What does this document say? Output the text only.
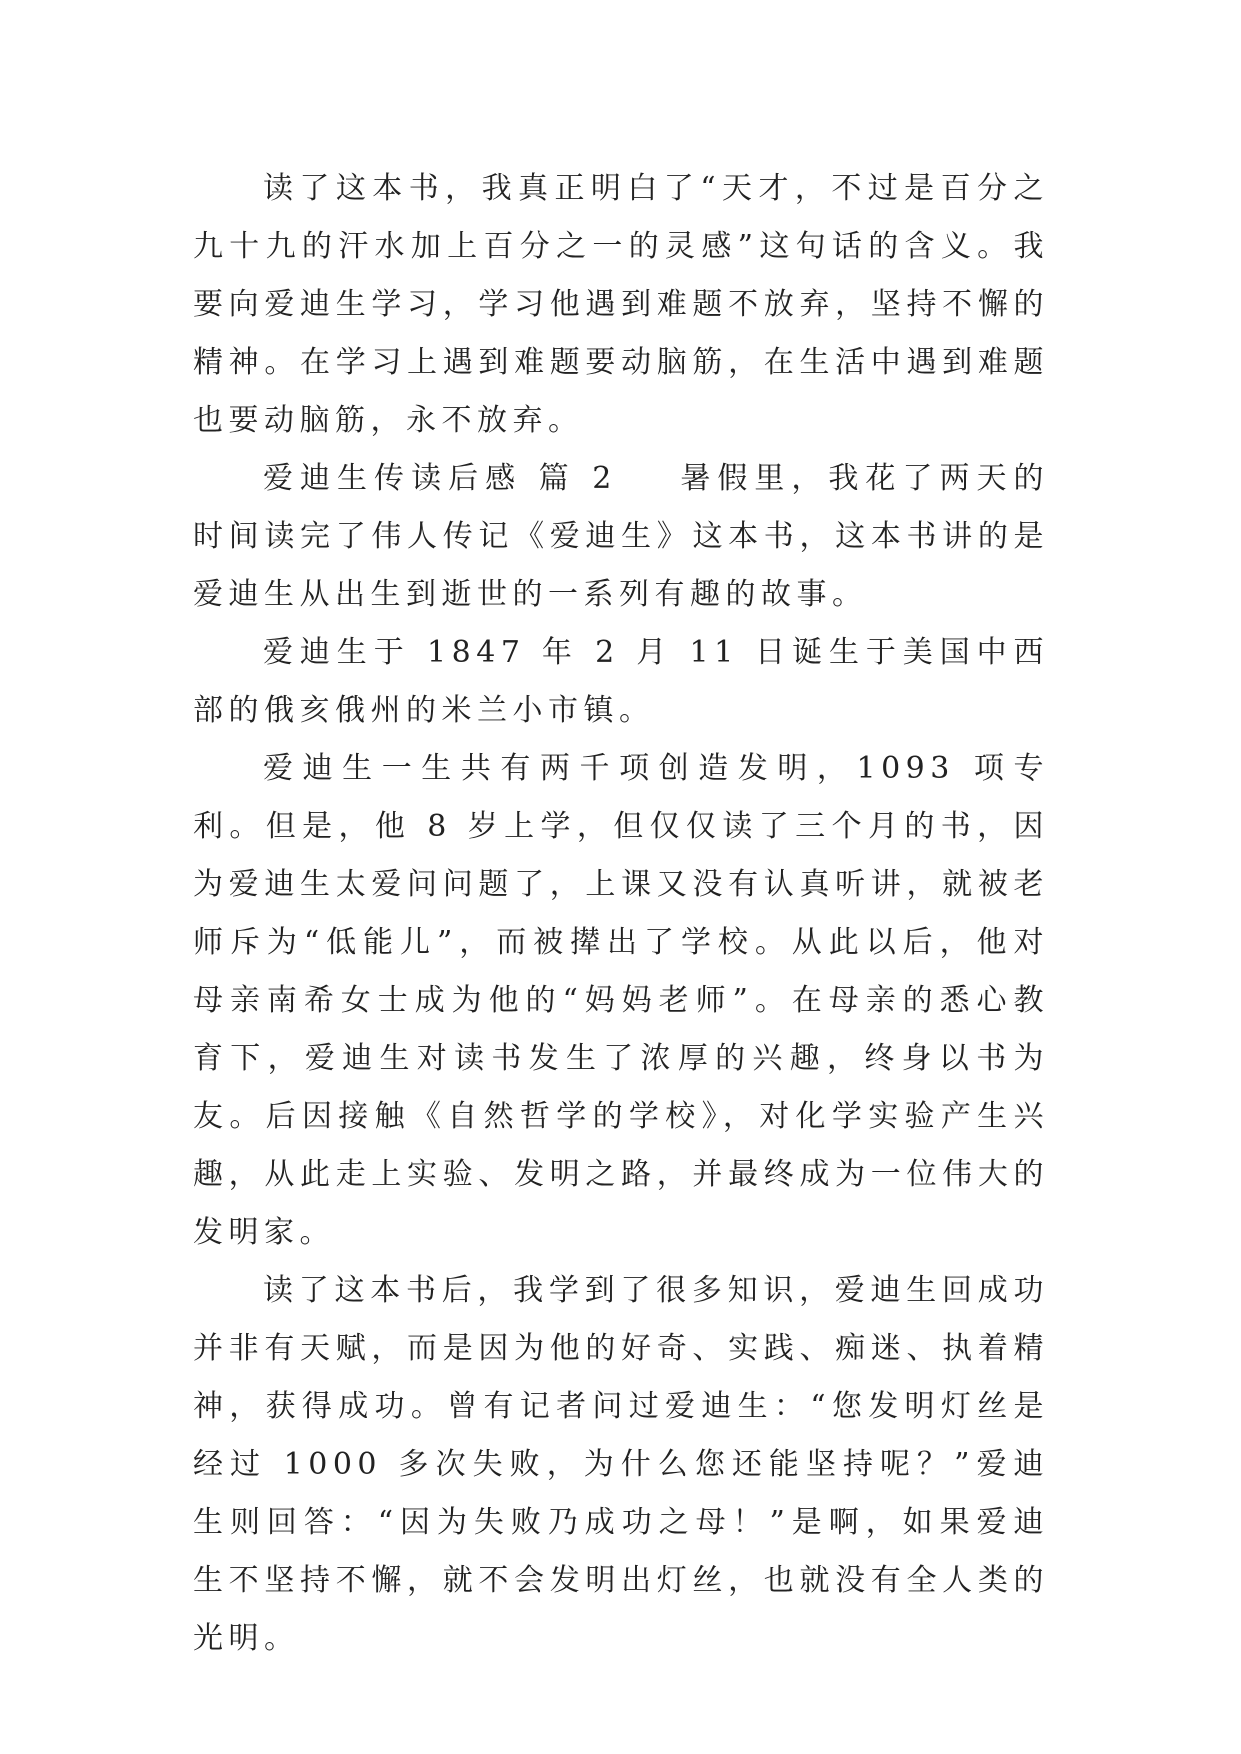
读了这本书，我真正明白了“天才，不过是百分之九十九的汗水加上百分之一的灵感”这句话的含义。我要向爱迪生学习，学习他遇到难题不放弃，坚持不懈的精神。在学习上遇到难题要动脑筋，在生活中遇到难题也要动脑筋，永不放弃。

爱迪生传读后感 篇 2 暑假里，我花了两天的时间读完了伟人传记《爱迪生》这本书，这本书讲的是爱迪生从出生到逝世的一系列有趣的故事。

爱迪生于 1847 年 2 月 11 日诞生于美国中西部的俄亥俄州的米兰小市镇。

爱迪生一生共有两千项创造发明，1093 项专利。但是，他 8 岁上学，但仅仅读了三个月的书，因为爱迪生太爱问问题了，上课又没有认真听讲，就被老师斥为“低能儿”，而被撵出了学校。从此以后，他对母亲南希女士成为他的“妈妈老师”。在母亲的悉心教育下，爱迪生对读书发生了浓厚的兴趣，终身以书为友。后因接触《自然哲学的学校》，对化学实验产生兴趣，从此走上实验、发明之路，并最终成为一位伟大的发明家。

读了这本书后，我学到了很多知识，爱迪生回成功并非有天赋，而是因为他的好奇、实践、痴迷、执着精神，获得成功。曾有记者问过爱迪生：“您发明灯丝是经过 1000 多次失败，为什么您还能坚持呢？”爱迪生则回答：“因为失败乃成功之母！”是啊，如果爱迪生不坚持不懈，就不会发明出灯丝，也就没有全人类的光明。
